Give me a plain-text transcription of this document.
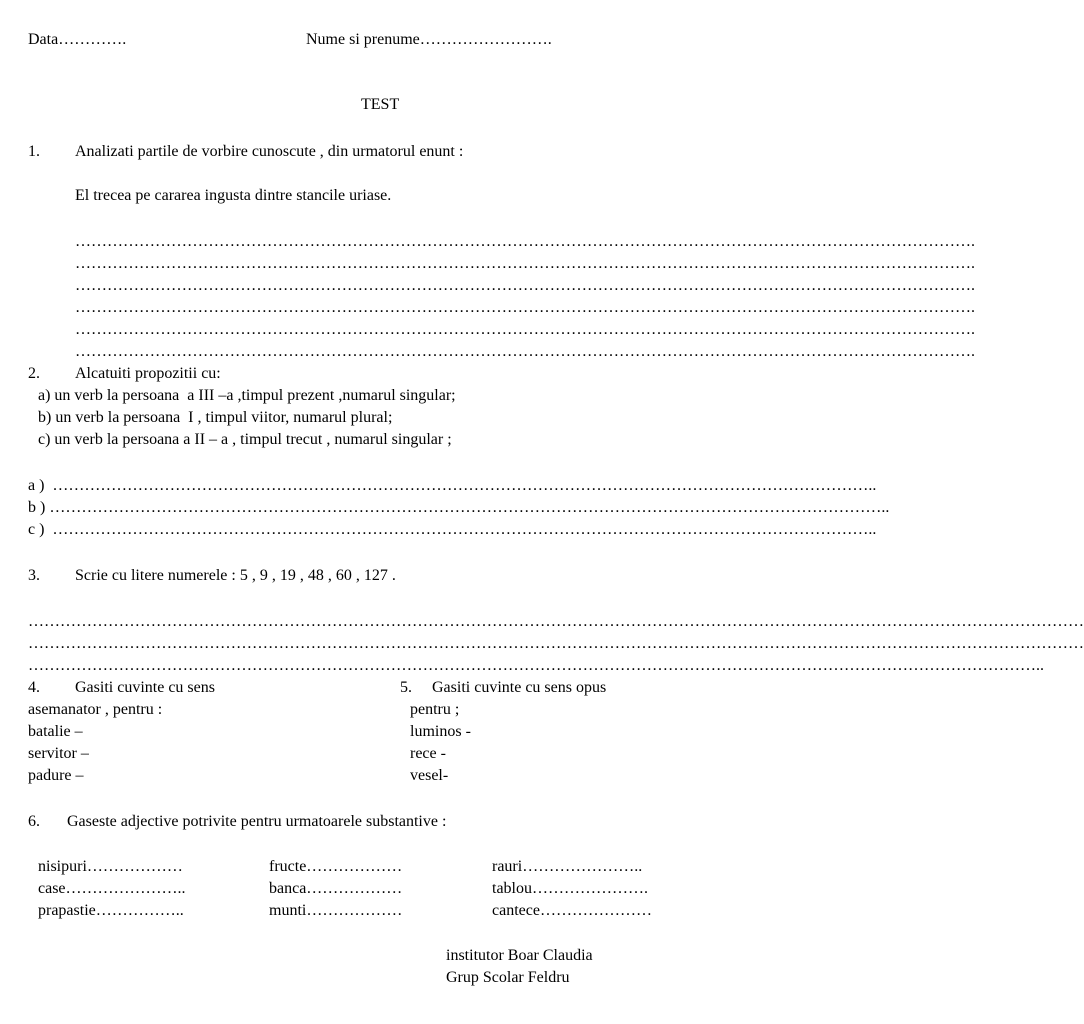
Data………….	Nume si prenume…………………….
TEST
1. Analizati partile de vorbire cunoscute , din urmatorul enunt :
El trecea pe cararea ingusta dintre stancile uriase.
…………………………………………………………………………………………………………………………………………………….
…………………………………………………………………………………………………………………………………………………….
…………………………………………………………………………………………………………………………………………………….
…………………………………………………………………………………………………………………………………………………….
…………………………………………………………………………………………………………………………………………………….
…………………………………………………………………………………………………………………………………………………….
2. Alcatuiti propozitii cu:
a) un verb la persoana  a III –a ,timpul prezent ,numarul singular;
b) un verb la persoana  I , timpul viitor, numarul plural;
c) un verb la persoana a II – a , timpul trecut , numarul singular ;
a )  ………………………………………………………………………………………………………………………………………..
b ) …………………………………………………………………………………………………………………………………………..
c )  ………………………………………………………………………………………………………………………………………..
3. Scrie cu litere numerele : 5 , 9 , 19 , 48 , 60 , 127 .
………………………………………………………………………………………………………………………………………………………………………………
………………………………………………………………………………………………………………………………………………………………………………
………………………………………………………………………………………………………………………………………………………………………..
4. Gasiti cuvinte cu sens
asemanator , pentru :
batalie –
servitor –
padure –
5. Gasiti cuvinte cu sens opus
pentru ;
luminos -
rece -
vesel-
6. Gaseste adjective potrivite pentru urmatoarele substantive :
nisipuri………………
case…………………..
prapastie……………..
fructe………………
banca………………
munti………………
rauri…………………..
tablou………………….
cantece…………………
institutor Boar Claudia
Grup Scolar Feldru
